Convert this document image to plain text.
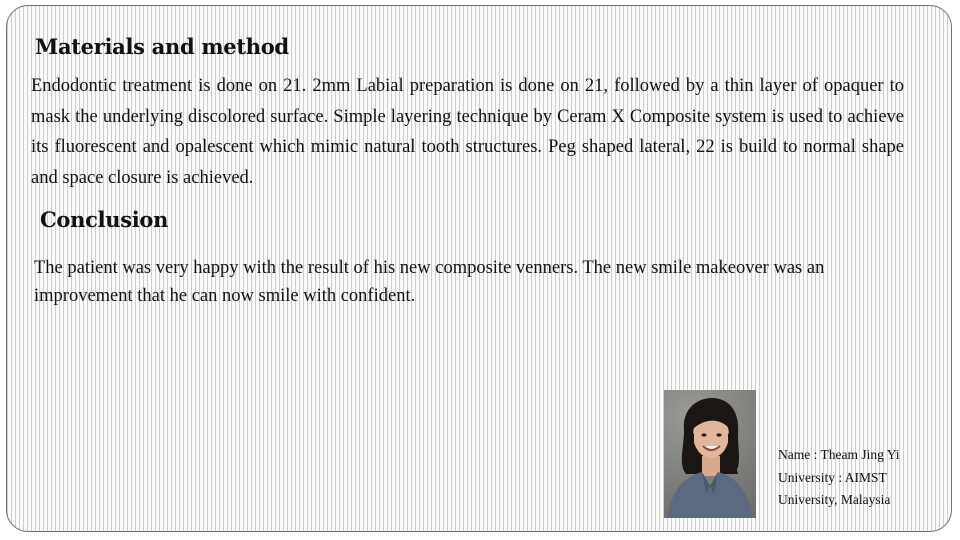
Materials and method

Endodontic treatment is done on 21. 2mm Labial preparation is done on 21, followed by a thin layer of opaquer to mask the underlying discolored surface. Simple layering technique by Ceram X Composite system is used to achieve its fluorescent and opalescent which mimic natural tooth structures. Peg shaped lateral, 22 is build to normal shape and space closure is achieved.

Conclusion

The patient was very happy with the result of his new composite venners. The new smile makeover was an improvement that he can now smile with confident.

Name : Theam Jing Yi
University : AIMST
University, Malaysia
